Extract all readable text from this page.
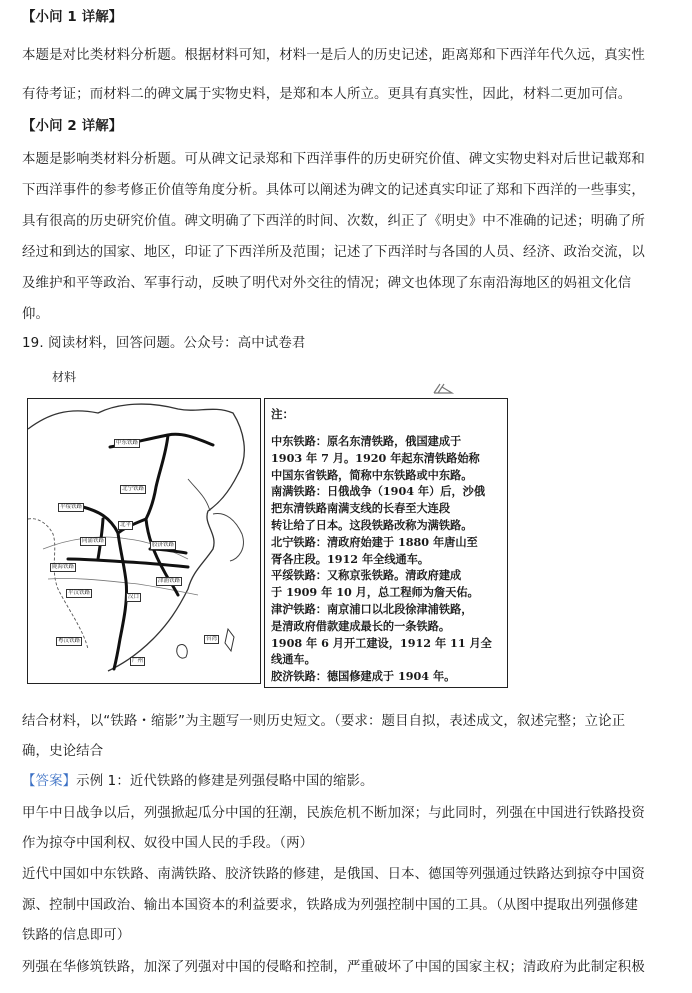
【小问 1 详解】
本题是对比类材料分析题。根据材料可知，材料一是后人的历史记述，距离郑和下西洋年代久远，真实性
有待考证；而材料二的碑文属于实物史料，是郑和本人所立。更具有真实性，因此，材料二更加可信。
【小问 2 详解】
本题是影响类材料分析题。可从碑文记录郑和下西洋事件的历史研究价值、碑文实物史料对后世记載郑和
下西洋事件的参考修正价值等角度分析。具体可以阐述为碑文的记述真实印证了郑和下西洋的一些事实，
具有很高的历史研究价值。碑文明确了下西洋的时间、次数，纠正了《明史》中不准确的记述；明确了所
经过和到达的国家、地区，印证了下西洋所及范围；记述了下西洋时与各国的人员、经济、政治交流，以
及维护和平等政治、军事行动，反映了明代对外交往的情况；碑文也体现了东南沿海地区的妈祖文化信
仰。
19. 阅读材料，回答问题。公众号：高中试卷君
材料
中东铁路
北宁铁路
平绥铁路
北平
胶济铁路
同蒲铁路
陇海铁路
津浦铁路
平汉铁路
汉口
粤汉铁路
广州
台湾
注：
中东铁路：原名东清铁路，俄国建成于
1903 年 7 月。1920 年起东清铁路始称
中国东省铁路，简称中东铁路或中东路。
南满铁路：日俄战争（1904 年）后，沙俄
把东清铁路南满支线的长春至大连段
转让给了日本。这段铁路改称为满铁路。
北宁铁路：清政府始建于 1880 年唐山至
胥各庄段。1912 年全线通车。
平绥铁路：又称京张铁路。清政府建成
于 1909 年 10 月，总工程师为詹天佑。
津沪铁路：南京浦口以北段徐津浦铁路，
是清政府借款建成最长的一条铁路。
1908 年 6 月开工建设，1912 年 11 月全
线通车。
胶济铁路：德国修建成于 1904 年。
结合材料，以“铁路・缩影”为主题写一则历史短文。（要求：题目自拟，表述成文，叙述完整；立论正
确，史论结合
【答案】示例 1：近代铁路的修建是列强侵略中国的缩影。
甲午中日战争以后，列强掀起瓜分中国的狂潮，民族危机不断加深；与此同时，列强在中国进行铁路投资
作为掠夺中国利权、奴役中国人民的手段。（两）
近代中国如中东铁路、南满铁路、胶济铁路的修建，是俄国、日本、德国等列强通过铁路达到掠夺中国资
源、控制中国政治、输出本国资本的利益要求，铁路成为列强控制中国的工具。（从图中提取出列强修建
铁路的信息即可）
列强在华修筑铁路，加深了列强对中国的侵略和控制，严重破坏了中国的国家主权；清政府为此制定积极
